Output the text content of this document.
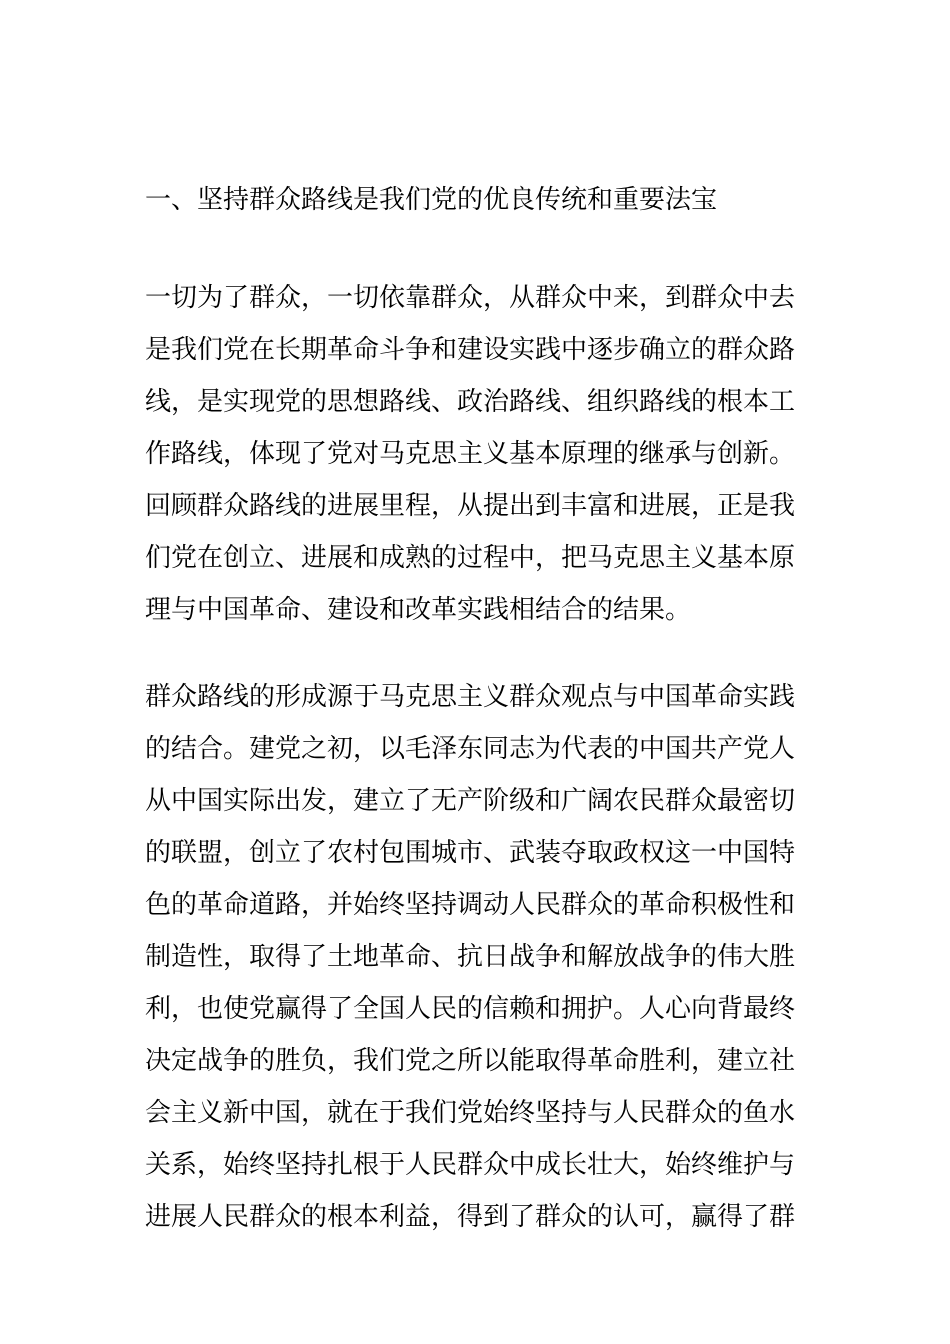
一、坚持群众路线是我们党的优良传统和重要法宝
一切为了群众，一切依靠群众，从群众中来，到群众中去
是我们党在长期革命斗争和建设实践中逐步确立的群众路
线，是实现党的思想路线、政治路线、组织路线的根本工
作路线，体现了党对马克思主义基本原理的继承与创新。
回顾群众路线的进展里程，从提出到丰富和进展，正是我
们党在创立、进展和成熟的过程中，把马克思主义基本原
理与中国革命、建设和改革实践相结合的结果。
群众路线的形成源于马克思主义群众观点与中国革命实践
的结合。建党之初，以毛泽东同志为代表的中国共产党人
从中国实际出发，建立了无产阶级和广阔农民群众最密切
的联盟，创立了农村包围城市、武装夺取政权这一中国特
色的革命道路，并始终坚持调动人民群众的革命积极性和
制造性，取得了土地革命、抗日战争和解放战争的伟大胜
利，也使党赢得了全国人民的信赖和拥护。人心向背最终
决定战争的胜负，我们党之所以能取得革命胜利，建立社
会主义新中国，就在于我们党始终坚持与人民群众的鱼水
关系，始终坚持扎根于人民群众中成长壮大，始终维护与
进展人民群众的根本利益，得到了群众的认可，赢得了群
